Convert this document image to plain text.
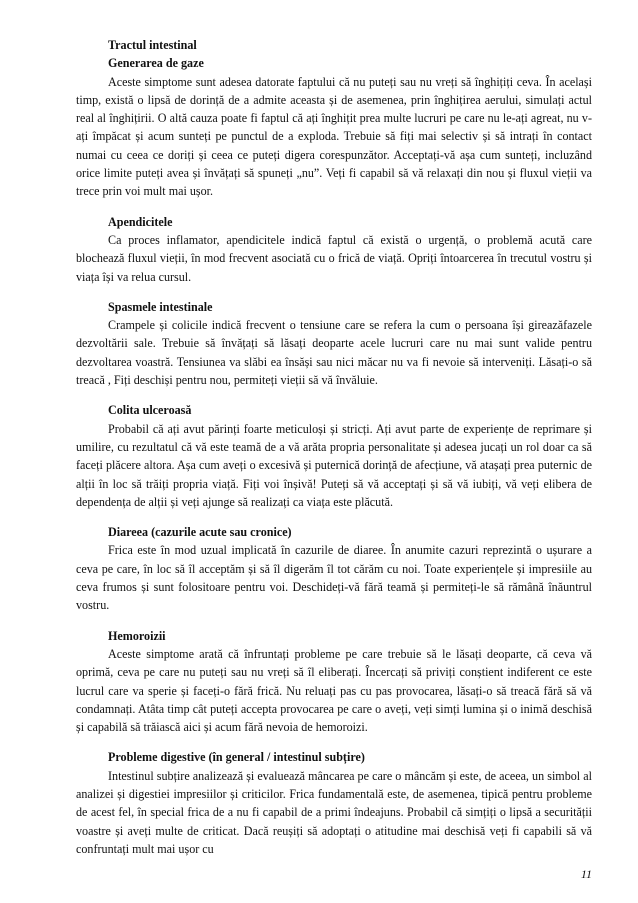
Tractul intestinal
Generarea de gaze
Aceste simptome sunt adesea datorate faptului că nu puteți sau nu vreți să înghițiți ceva. În același timp, există o lipsă de dorință de a admite aceasta și de asemenea, prin înghițirea aerului, simulați actul real al înghițirii. O altă cauza poate fi faptul că ați înghițit prea multe lucruri pe care nu le-ați agreat, nu v-ați împăcat și acum sunteți pe punctul de a exploda. Trebuie să fiți mai selectiv și să intrați în contact numai cu ceea ce doriți și ceea ce puteți digera corespunzător. Acceptați-vă așa cum sunteți, incluzând orice limite puteți avea și învățați să spuneți „nu”. Veți fi capabil să vă relaxați din nou și fluxul vieții va trece prin voi mult mai ușor.
Apendicitele
Ca proces inflamator, apendicitele indică faptul că există o urgență, o problemă acută care blochează fluxul vieții, în mod frecvent asociată cu o frică de viață. Opriți întoarcerea în trecutul vostru și viața își va relua cursul.
Spasmele intestinale
Crampele și colicile indică frecvent o tensiune care se refera la cum o persoana își gireazăfazele dezvoltării sale. Trebuie să învățați să lăsați deoparte acele lucruri care nu mai sunt valide pentru dezvoltarea voastră. Tensiunea va slăbi ea însăși sau nici măcar nu va fi nevoie să interveniți. Lăsați-o să treacă , Fiți deschiși pentru nou, permiteți vieții să vă învăluie.
Colita ulceroasă
Probabil că ați avut părinți foarte meticuloși și stricți. Ați avut parte de experiențe de reprimare și umilire, cu rezultatul că vă este teamă de a vă arăta propria personalitate și adesea jucați un rol doar ca să faceți plăcere altora. Așa cum aveți o excesivă și puternică dorință de afecțiune, vă atașați prea puternic de alții în loc să trăiți propria viață. Fiți voi înșivă! Puteți să vă acceptați și să vă iubiți, vă veți elibera de dependența de alții și veți ajunge să realizați ca viața este plăcută.
Diareea (cazurile acute sau cronice)
Frica este în mod uzual implicată în cazurile de diaree. În anumite cazuri reprezintă o ușurare a ceva pe care, în loc să îl acceptăm și să îl digerăm îl tot cărăm cu noi. Toate experiențele și impresiile au ceva frumos și sunt folositoare pentru voi. Deschideți-vă fără teamă și permiteți-le să rămână înăuntrul vostru.
Hemoroizii
Aceste simptome arată că înfruntați probleme pe care trebuie să le lăsați deoparte, că ceva vă oprimă, ceva pe care nu puteți sau nu vreți să îl eliberați. Încercați să priviți conștient indiferent ce este lucrul care va sperie și faceți-o fără frică. Nu reluați pas cu pas provocarea, lăsați-o să treacă fără să vă condamnați. Atâta timp cât puteți accepta provocarea pe care o aveți, veți simți lumina și o inimă deschisă și capabilă să trăiască aici și acum fără nevoia de hemoroizi.
Probleme digestive (în general / intestinul subțire)
Intestinul subțire analizează și evaluează mâncarea pe care o mâncăm și este, de aceea, un simbol al analizei și digestiei impresiilor și criticilor. Frica fundamentală este, de asemenea, tipică pentru probleme de acest fel, în special frica de a nu fi capabil de a primi îndeajuns. Probabil că simțiți o lipsă a securității voastre și aveți multe de criticat. Dacă reușiți să adoptați o atitudine mai deschisă veți fi capabili să vă confruntați mult mai ușor cu
11
